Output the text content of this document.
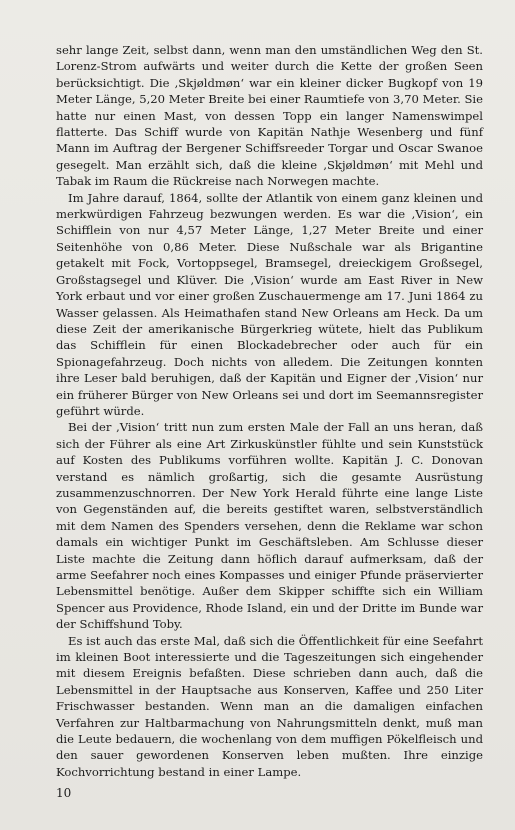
sehr lange Zeit, selbst dann, wenn man den umständlichen Weg den St. Lorenz-Strom aufwärts und weiter durch die Kette der großen Seen berücksichtigt. Die ‚Skjøldmøn‘ war ein kleiner dicker Bugkopf von 19 Meter Länge, 5,20 Meter Breite bei einer Raumtiefe von 3,70 Meter. Sie hatte nur einen Mast, von dessen Topp ein langer Namenswimpel flatterte. Das Schiff wurde von Kapitän Nathje Wesenberg und fünf Mann im Auftrag der Bergener Schiffsreeder Torgar und Oscar Swanoe gesegelt. Man erzählt sich, daß die kleine ‚Skjøldmøn‘ mit Mehl und Tabak im Raum die Rückreise nach Norwegen machte.

Im Jahre darauf, 1864, sollte der Atlantik von einem ganz kleinen und merkwürdigen Fahrzeug bezwungen werden. Es war die ‚Vision‘, ein Schifflein von nur 4,57 Meter Länge, 1,27 Meter Breite und einer Seitenhöhe von 0,86 Meter. Diese Nußschale war als Brigantine getakelt mit Fock, Vortoppsegel, Bramsegel, dreieckigem Großsegel, Großstagsegel und Klüver. Die ‚Vision‘ wurde am East River in New York erbaut und vor einer großen Zuschauermenge am 17. Juni 1864 zu Wasser gelassen. Als Heimathafen stand New Orleans am Heck. Da um diese Zeit der amerikanische Bürgerkrieg wütete, hielt das Publikum das Schifflein für einen Blockadebrecher oder auch für ein Spionagefahrzeug. Doch nichts von alledem. Die Zeitungen konnten ihre Leser bald beruhigen, daß der Kapitän und Eigner der ‚Vision‘ nur ein früherer Bürger von New Orleans sei und dort im Seemannsregister geführt würde.

Bei der ‚Vision‘ tritt nun zum ersten Male der Fall an uns heran, daß sich der Führer als eine Art Zirkuskünstler fühlte und sein Kunststück auf Kosten des Publikums vorführen wollte. Kapitän J. C. Donovan verstand es nämlich großartig, sich die gesamte Ausrüstung zusammenzuschnorren. Der New York Herald führte eine lange Liste von Gegenständen auf, die bereits gestiftet waren, selbstverständlich mit dem Namen des Spenders versehen, denn die Reklame war schon damals ein wichtiger Punkt im Geschäftsleben. Am Schlusse dieser Liste machte die Zeitung dann höflich darauf aufmerksam, daß der arme Seefahrer noch eines Kompasses und einiger Pfunde präservierter Lebensmittel benötige. Außer dem Skipper schiffte sich ein William Spencer aus Providence, Rhode Island, ein und der Dritte im Bunde war der Schiffshund Toby.

Es ist auch das erste Mal, daß sich die Öffentlichkeit für eine Seefahrt im kleinen Boot interessierte und die Tageszeitungen sich eingehender mit diesem Ereignis befaßten. Diese schrieben dann auch, daß die Lebensmittel in der Hauptsache aus Konserven, Kaffee und 250 Liter Frischwasser bestanden. Wenn man an die damaligen einfachen Verfahren zur Haltbarmachung von Nahrungsmitteln denkt, muß man die Leute bedauern, die wochenlang von dem muffigen Pökelfleisch und den sauer gewordenen Konserven leben mußten. Ihre einzige Kochvorrichtung bestand in einer Lampe.

10
